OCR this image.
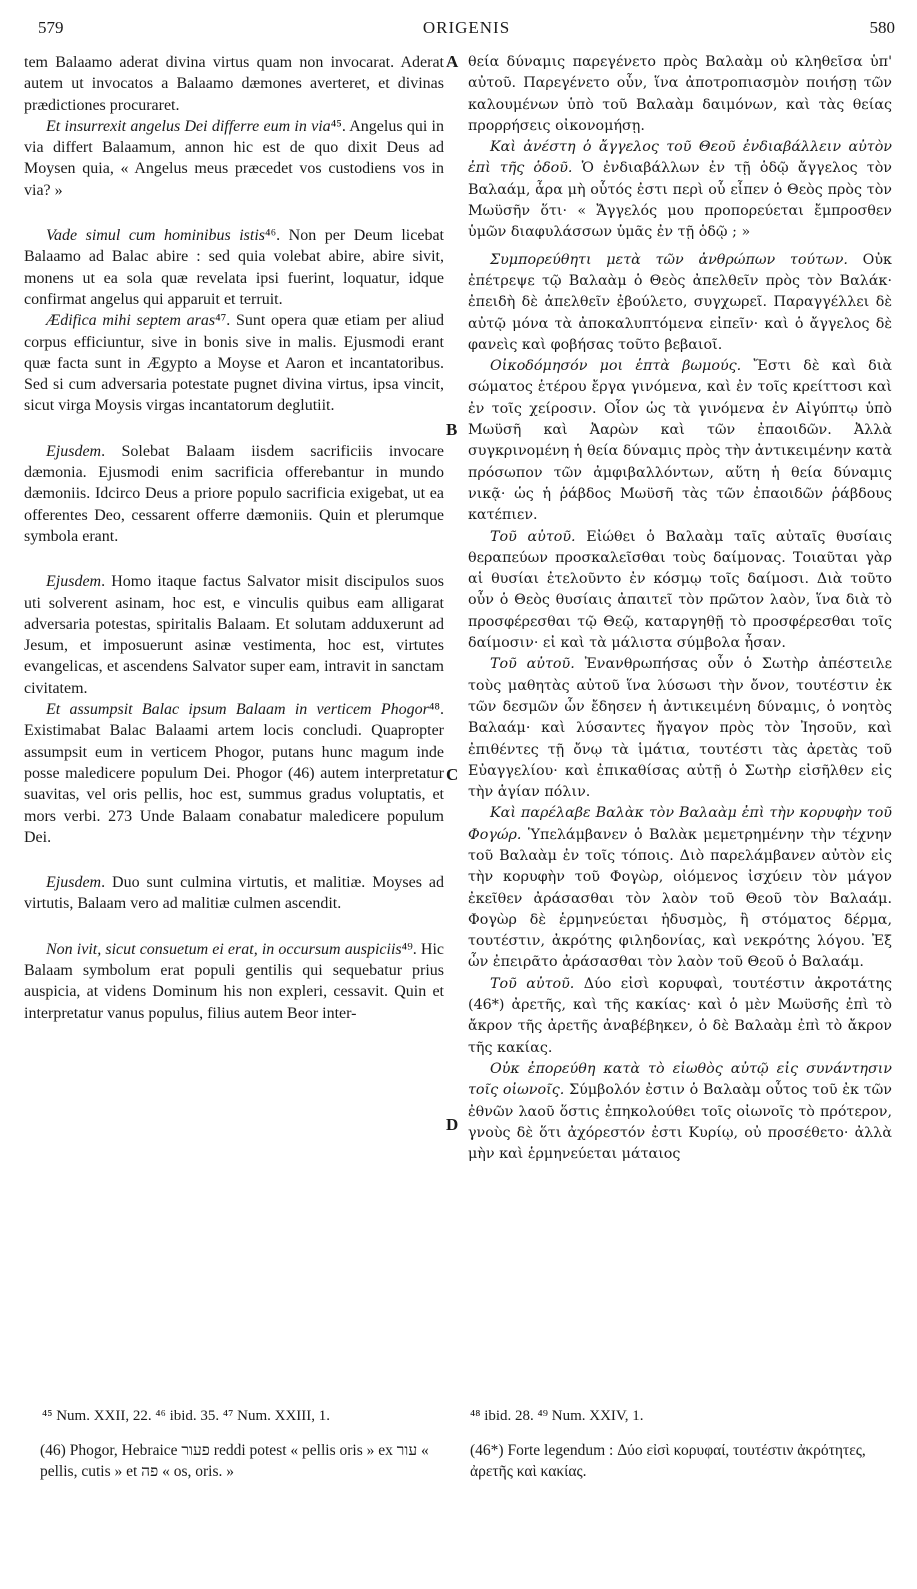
579	ORIGENIS	580

tem Balaamo aderat divina virtus quam non invocarat. Aderat autem ut invocatos a Balaamo dæmones averteret, et divinas prædictiones procuraret.

Et insurrexit angelus Dei differre eum in via⁴⁵. Angelus qui in via differt Balaamum, annon hic est de quo dixit Deus ad Moysen quia, « Angelus meus præcedet vos custodiens vos in via? »

Vade simul cum hominibus istis⁴⁶. Non per Deum licebat Balaamo ad Balac abire : sed quia volebat abire, abire sivit, monens ut ea sola quæ revelata ipsi fuerint, loquatur, idque confirmat angelus qui apparuit et terruit.

Ædifica mihi septem aras⁴⁷. Sunt opera quæ etiam per aliud corpus efficiuntur, sive in bonis sive in malis. Ejusmodi erant quæ facta sunt in Ægypto a Moyse et Aaron et incantatoribus. Sed si cum adversaria potestate pugnet divina virtus, ipsa vincit, sicut virga Moysis virgas incantatorum deglutiit.

Ejusdem. Solebat Balaam iisdem sacrificiis invocare dæmonia. Ejusmodi enim sacrificia offerebantur in mundo dæmoniis. Idcirco Deus a priore populo sacrificia exigebat, ut ea offerentes Deo, cessarent offerre dæmoniis. Quin et plerumque symbola erant.

Ejusdem. Homo itaque factus Salvator misit discipulos suos uti solverent asinam, hoc est, e vinculis quibus eam alligarat adversaria potestas, spiritalis Balaam. Et solutam adduxerunt ad Jesum, et imposuerunt asinæ vestimenta, hoc est, virtutes evangelicas, et ascendens Salvator super eam, intravit in sanctam civitatem.

Et assumpsit Balac ipsum Balaam in verticem Phogor⁴⁸. Existimabat Balac Balaami artem locis concludi. Quapropter assumpsit eum in verticem Phogor, putans hunc magum inde posse maledicere populum Dei. Phogor (46) autem interpretatur suavitas, vel oris pellis, hoc est, summus gradus voluptatis, et mors verbi. 273 Unde Balaam conabatur maledicere populum Dei.

Ejusdem. Duo sunt culmina virtutis, et malitiæ. Moyses ad virtutis, Balaam vero ad malitiæ culmen ascendit.

Non ivit, sicut consuetum ei erat, in occursum auspiciis⁴⁹. Hic Balaam symbolum erat populi gentilis qui sequebatur prius auspicia, at videns Dominum his non expleri, cessavit. Quin et interpretatur vanus populus, filius autem Beor inter-

θεία δύναμις παρεγένετο πρὸς Βαλαὰμ οὐ κληθεῖσα ὑπ' αὐτοῦ. Παρεγένετο οὖν, ἵνα ἀποτροπιασμὸν ποιήσῃ τῶν καλουμένων ὑπὸ τοῦ Βαλαὰμ δαιμόνων, καὶ τὰς θείας προρρήσεις οἰκονομήσῃ.

Καὶ ἀνέστη ὁ ἄγγελος τοῦ Θεοῦ ἐνδιαβάλλειν αὐτὸν ἐπὶ τῆς ὁδοῦ. Ὁ ἐνδιαβάλλων ἐν τῇ ὁδῷ ἄγγελος τὸν Βαλαάμ, ἆρα μὴ οὗτός ἐστι περὶ οὗ εἶπεν ὁ Θεὸς πρὸς τὸν Μωϋσῆν ὅτι· « Ἄγγελός μου προπορεύεται ἔμπροσθεν ὑμῶν διαφυλάσσων ὑμᾶς ἐν τῇ ὁδῷ ; »

Συμπορεύθητι μετὰ τῶν ἀνθρώπων τούτων. Οὐκ ἐπέτρεψε τῷ Βαλαὰμ ὁ Θεὸς ἀπελθεῖν πρὸς τὸν Βαλάκ· ἐπειδὴ δὲ ἀπελθεῖν ἐβούλετο, συγχωρεῖ. Παραγγέλλει δὲ αὐτῷ μόνα τὰ ἀποκαλυπτόμενα εἰπεῖν· καὶ ὁ ἄγγελος δὲ φανεὶς καὶ φοβήσας τοῦτο βεβαιοῖ.

Οἰκοδόμησόν μοι ἑπτὰ βωμούς. Ἔστι δὲ καὶ διὰ σώματος ἑτέρου ἔργα γινόμενα, καὶ ἐν τοῖς κρείττοσι καὶ ἐν τοῖς χείροσιν. Οἷον ὡς τὰ γινόμενα ἐν Αἰγύπτῳ ὑπὸ Μωϋσῆ καὶ Ἀαρὼν καὶ τῶν ἐπαοιδῶν. Ἀλλὰ συγκρινομένη ἡ θεία δύναμις πρὸς τὴν ἀντικειμένην κατὰ πρόσωπον τῶν ἀμφιβαλλόντων, αὕτη ἡ θεία δύναμις νικᾷ· ὡς ἡ ῥάβδος Μωϋσῆ τὰς τῶν ἐπαοιδῶν ῥάβδους κατέπιεν.

Τοῦ αὐτοῦ. Εἰώθει ὁ Βαλαὰμ ταῖς αὐταῖς θυσίαις θεραπεύων προσκαλεῖσθαι τοὺς δαίμονας. Τοιαῦται γὰρ αἱ θυσίαι ἐτελοῦντο ἐν κόσμῳ τοῖς δαίμοσι. Διὰ τοῦτο οὖν ὁ Θεὸς θυσίαις ἀπαιτεῖ τὸν πρῶτον λαὸν, ἵνα διὰ τὸ προσφέρεσθαι τῷ Θεῷ, καταργηθῇ τὸ προσφέρεσθαι τοῖς δαίμοσιν· εἰ καὶ τὰ μάλιστα σύμβολα ἦσαν.

Τοῦ αὐτοῦ. Ἐνανθρωπήσας οὖν ὁ Σωτὴρ ἀπέστειλε τοὺς μαθητὰς αὐτοῦ ἵνα λύσωσι τὴν ὄνον, τουτέστιν ἐκ τῶν δεσμῶν ὧν ἔδησεν ἡ ἀντικειμένη δύναμις, ὁ νοητὸς Βαλαάμ· καὶ λύσαντες ἤγαγον πρὸς τὸν Ἰησοῦν, καὶ ἐπιθέντες τῇ ὄνῳ τὰ ἱμάτια, τουτέστι τὰς ἀρετὰς τοῦ Εὐαγγελίου· καὶ ἐπικαθίσας αὐτῇ ὁ Σωτὴρ εἰσῆλθεν εἰς τὴν ἁγίαν πόλιν.

Καὶ παρέλαβε Βαλὰκ τὸν Βαλαὰμ ἐπὶ τὴν κορυφὴν τοῦ Φογώρ. Ὑπελάμβανεν ὁ Βαλὰκ μεμετρημένην τὴν τέχνην τοῦ Βαλαὰμ ἐν τοῖς τόποις. Διὸ παρελάμβανεν αὐτὸν εἰς τὴν κορυφὴν τοῦ Φογὼρ, οἰόμενος ἰσχύειν τὸν μάγον ἐκεῖθεν ἀράσασθαι τὸν λαὸν τοῦ Θεοῦ τὸν Βαλαάμ. Φογὼρ δὲ ἑρμηνεύεται ἡδυσμὸς, ἢ στόματος δέρμα, τουτέστιν, ἀκρότης φιληδονίας, καὶ νεκρότης λόγου. Ἐξ ὧν ἐπειρᾶτο ἀράσασθαι τὸν λαὸν τοῦ Θεοῦ ὁ Βαλαάμ.

Τοῦ αὐτοῦ. Δύο εἰσὶ κορυφαὶ, τουτέστιν ἀκροτάτης (46*) ἀρετῆς, καὶ τῆς κακίας· καὶ ὁ μὲν Μωϋσῆς ἐπὶ τὸ ἄκρον τῆς ἀρετῆς ἀναβέβηκεν, ὁ δὲ Βαλαὰμ ἐπὶ τὸ ἄκρον τῆς κακίας.

Οὐκ ἐπορεύθη κατὰ τὸ εἰωθὸς αὐτῷ εἰς συνάντησιν τοῖς οἰωνοῖς. Σύμβολόν ἐστιν ὁ Βαλαὰμ οὗτος τοῦ ἐκ τῶν ἐθνῶν λαοῦ ὅστις ἐπηκολούθει τοῖς οἰωνοῖς τὸ πρότερον, γνοὺς δὲ ὅτι ἀχόρεστόν ἐστι Κυρίῳ, οὐ προσέθετο· ἀλλὰ μὴν καὶ ἑρμηνεύεται μάταιος

A
B
C
D
⁴⁵ Num. XXII, 22. ⁴⁶ ibid. 35. ⁴⁷ Num. XXIII, 1.	⁴⁸ ibid. 28. ⁴⁹ Num. XXIV, 1.
(46) Phogor, Hebraice פעור reddi potest « pellis oris » ex עור « pellis, cutis » et פה « os, oris. »
(46*) Forte legendum : Δύο εἰσὶ κορυφαί, τουτέστιν ἀκρότητες, ἀρετῆς καὶ κακίας.
